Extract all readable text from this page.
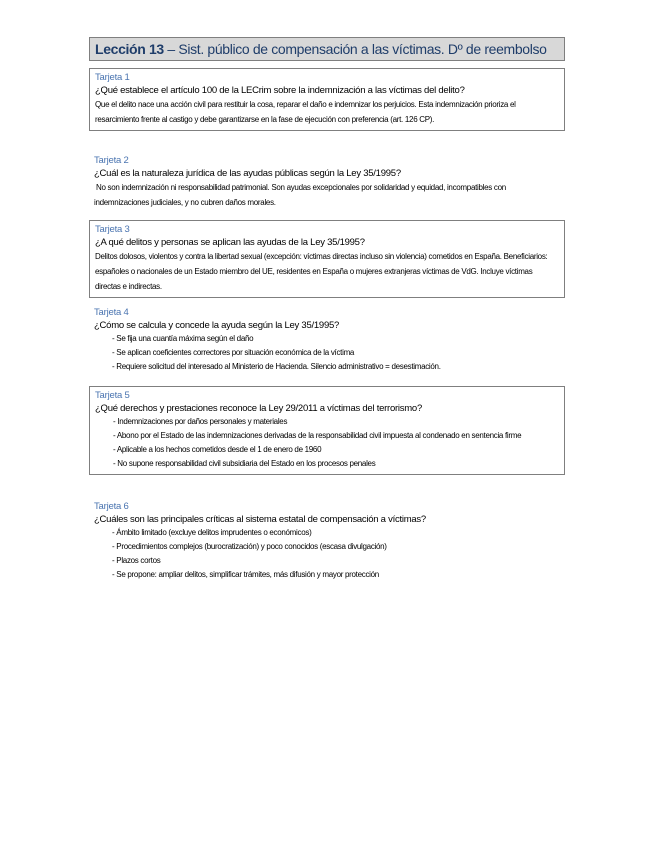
Lección 13 – Sist. público de compensación a las víctimas. Dº de reembolso
Tarjeta 1
¿Qué establece el artículo 100 de la LECrim sobre la indemnización a las víctimas del delito?
Que el delito nace una acción civil para restituir la cosa, reparar el daño e indemnizar los perjuicios. Esta indemnización prioriza el resarcimiento frente al castigo y debe garantizarse en la fase de ejecución con preferencia (art. 126 CP).
Tarjeta 2
¿Cuál es la naturaleza jurídica de las ayudas públicas según la Ley 35/1995?
No son indemnización ni responsabilidad patrimonial. Son ayudas excepcionales por solidaridad y equidad, incompatibles con indemnizaciones judiciales, y no cubren daños morales.
Tarjeta 3
¿A qué delitos y personas se aplican las ayudas de la Ley 35/1995?
Delitos dolosos, violentos y contra la libertad sexual (excepción: víctimas directas incluso sin violencia) cometidos en España. Beneficiarios: españoles o nacionales de un Estado miembro del UE, residentes en España o mujeres extranjeras víctimas de VdG. Incluye víctimas directas e indirectas.
Tarjeta 4
¿Cómo se calcula y concede la ayuda según la Ley 35/1995?
- Se fija una cuantía máxima según el daño
- Se aplican coeficientes correctores por situación económica de la víctima
- Requiere solicitud del interesado al Ministerio de Hacienda. Silencio administrativo = desestimación.
Tarjeta 5
¿Qué derechos y prestaciones reconoce la Ley 29/2011 a víctimas del terrorismo?
- Indemnizaciones por daños personales y materiales
- Abono por el Estado de las indemnizaciones derivadas de la responsabilidad civil impuesta al condenado en sentencia firme
- Aplicable a los hechos cometidos desde el 1 de enero de 1960
- No supone responsabilidad civil subsidiaria del Estado en los procesos penales
Tarjeta 6
¿Cuáles son las principales críticas al sistema estatal de compensación a víctimas?
- Ámbito limitado (excluye delitos imprudentes o económicos)
- Procedimientos complejos (burocratización) y poco conocidos (escasa divulgación)
- Plazos cortos
- Se propone: ampliar delitos, simplificar trámites, más difusión y mayor protección
